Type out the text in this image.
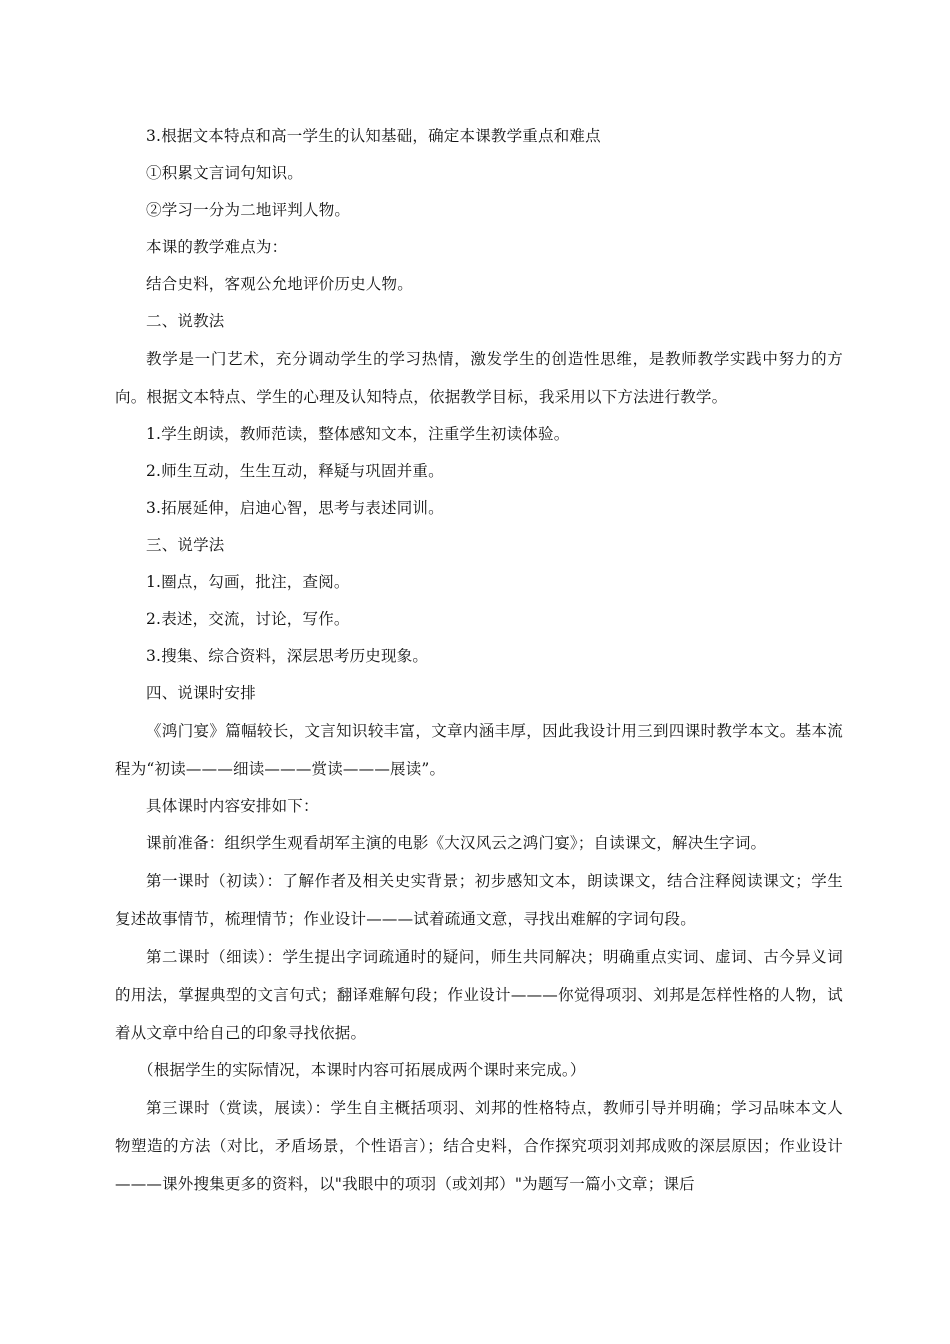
3.根据文本特点和高一学生的认知基础，确定本课教学重点和难点

①积累文言词句知识。

②学习一分为二地评判人物。

本课的教学难点为：

结合史料，客观公允地评价历史人物。

二、说教法

教学是一门艺术，充分调动学生的学习热情，激发学生的创造性思维，是教师教学实践中努力的方向。根据文本特点、学生的心理及认知特点，依据教学目标，我采用以下方法进行教学。

1.学生朗读，教师范读，整体感知文本，注重学生初读体验。

2.师生互动，生生互动，释疑与巩固并重。

3.拓展延伸，启迪心智，思考与表述同训。

三、说学法

1.圈点，勾画，批注，查阅。

2.表述，交流，讨论，写作。

3.搜集、综合资料，深层思考历史现象。

四、说课时安排

《鸿门宴》篇幅较长，文言知识较丰富，文章内涵丰厚，因此我设计用三到四课时教学本文。基本流程为“初读———细读———赏读———展读”。

具体课时内容安排如下：

课前准备：组织学生观看胡军主演的电影《大汉风云之鸿门宴》；自读课文，解决生字词。

第一课时（初读）：了解作者及相关史实背景；初步感知文本，朗读课文，结合注释阅读课文；学生复述故事情节，梳理情节；作业设计———试着疏通文意，寻找出难解的字词句段。

第二课时（细读）：学生提出字词疏通时的疑问，师生共同解决；明确重点实词、虚词、古今异义词的用法，掌握典型的文言句式；翻译难解句段；作业设计———你觉得项羽、刘邦是怎样性格的人物，试着从文章中给自己的印象寻找依据。

（根据学生的实际情况，本课时内容可拓展成两个课时来完成。）

第三课时（赏读，展读）：学生自主概括项羽、刘邦的性格特点，教师引导并明确；学习品味本文人物塑造的方法（对比，矛盾场景，个性语言）；结合史料，合作探究项羽刘邦成败的深层原因；作业设计———课外搜集更多的资料，以"我眼中的项羽（或刘邦）"为题写一篇小文章；课后
